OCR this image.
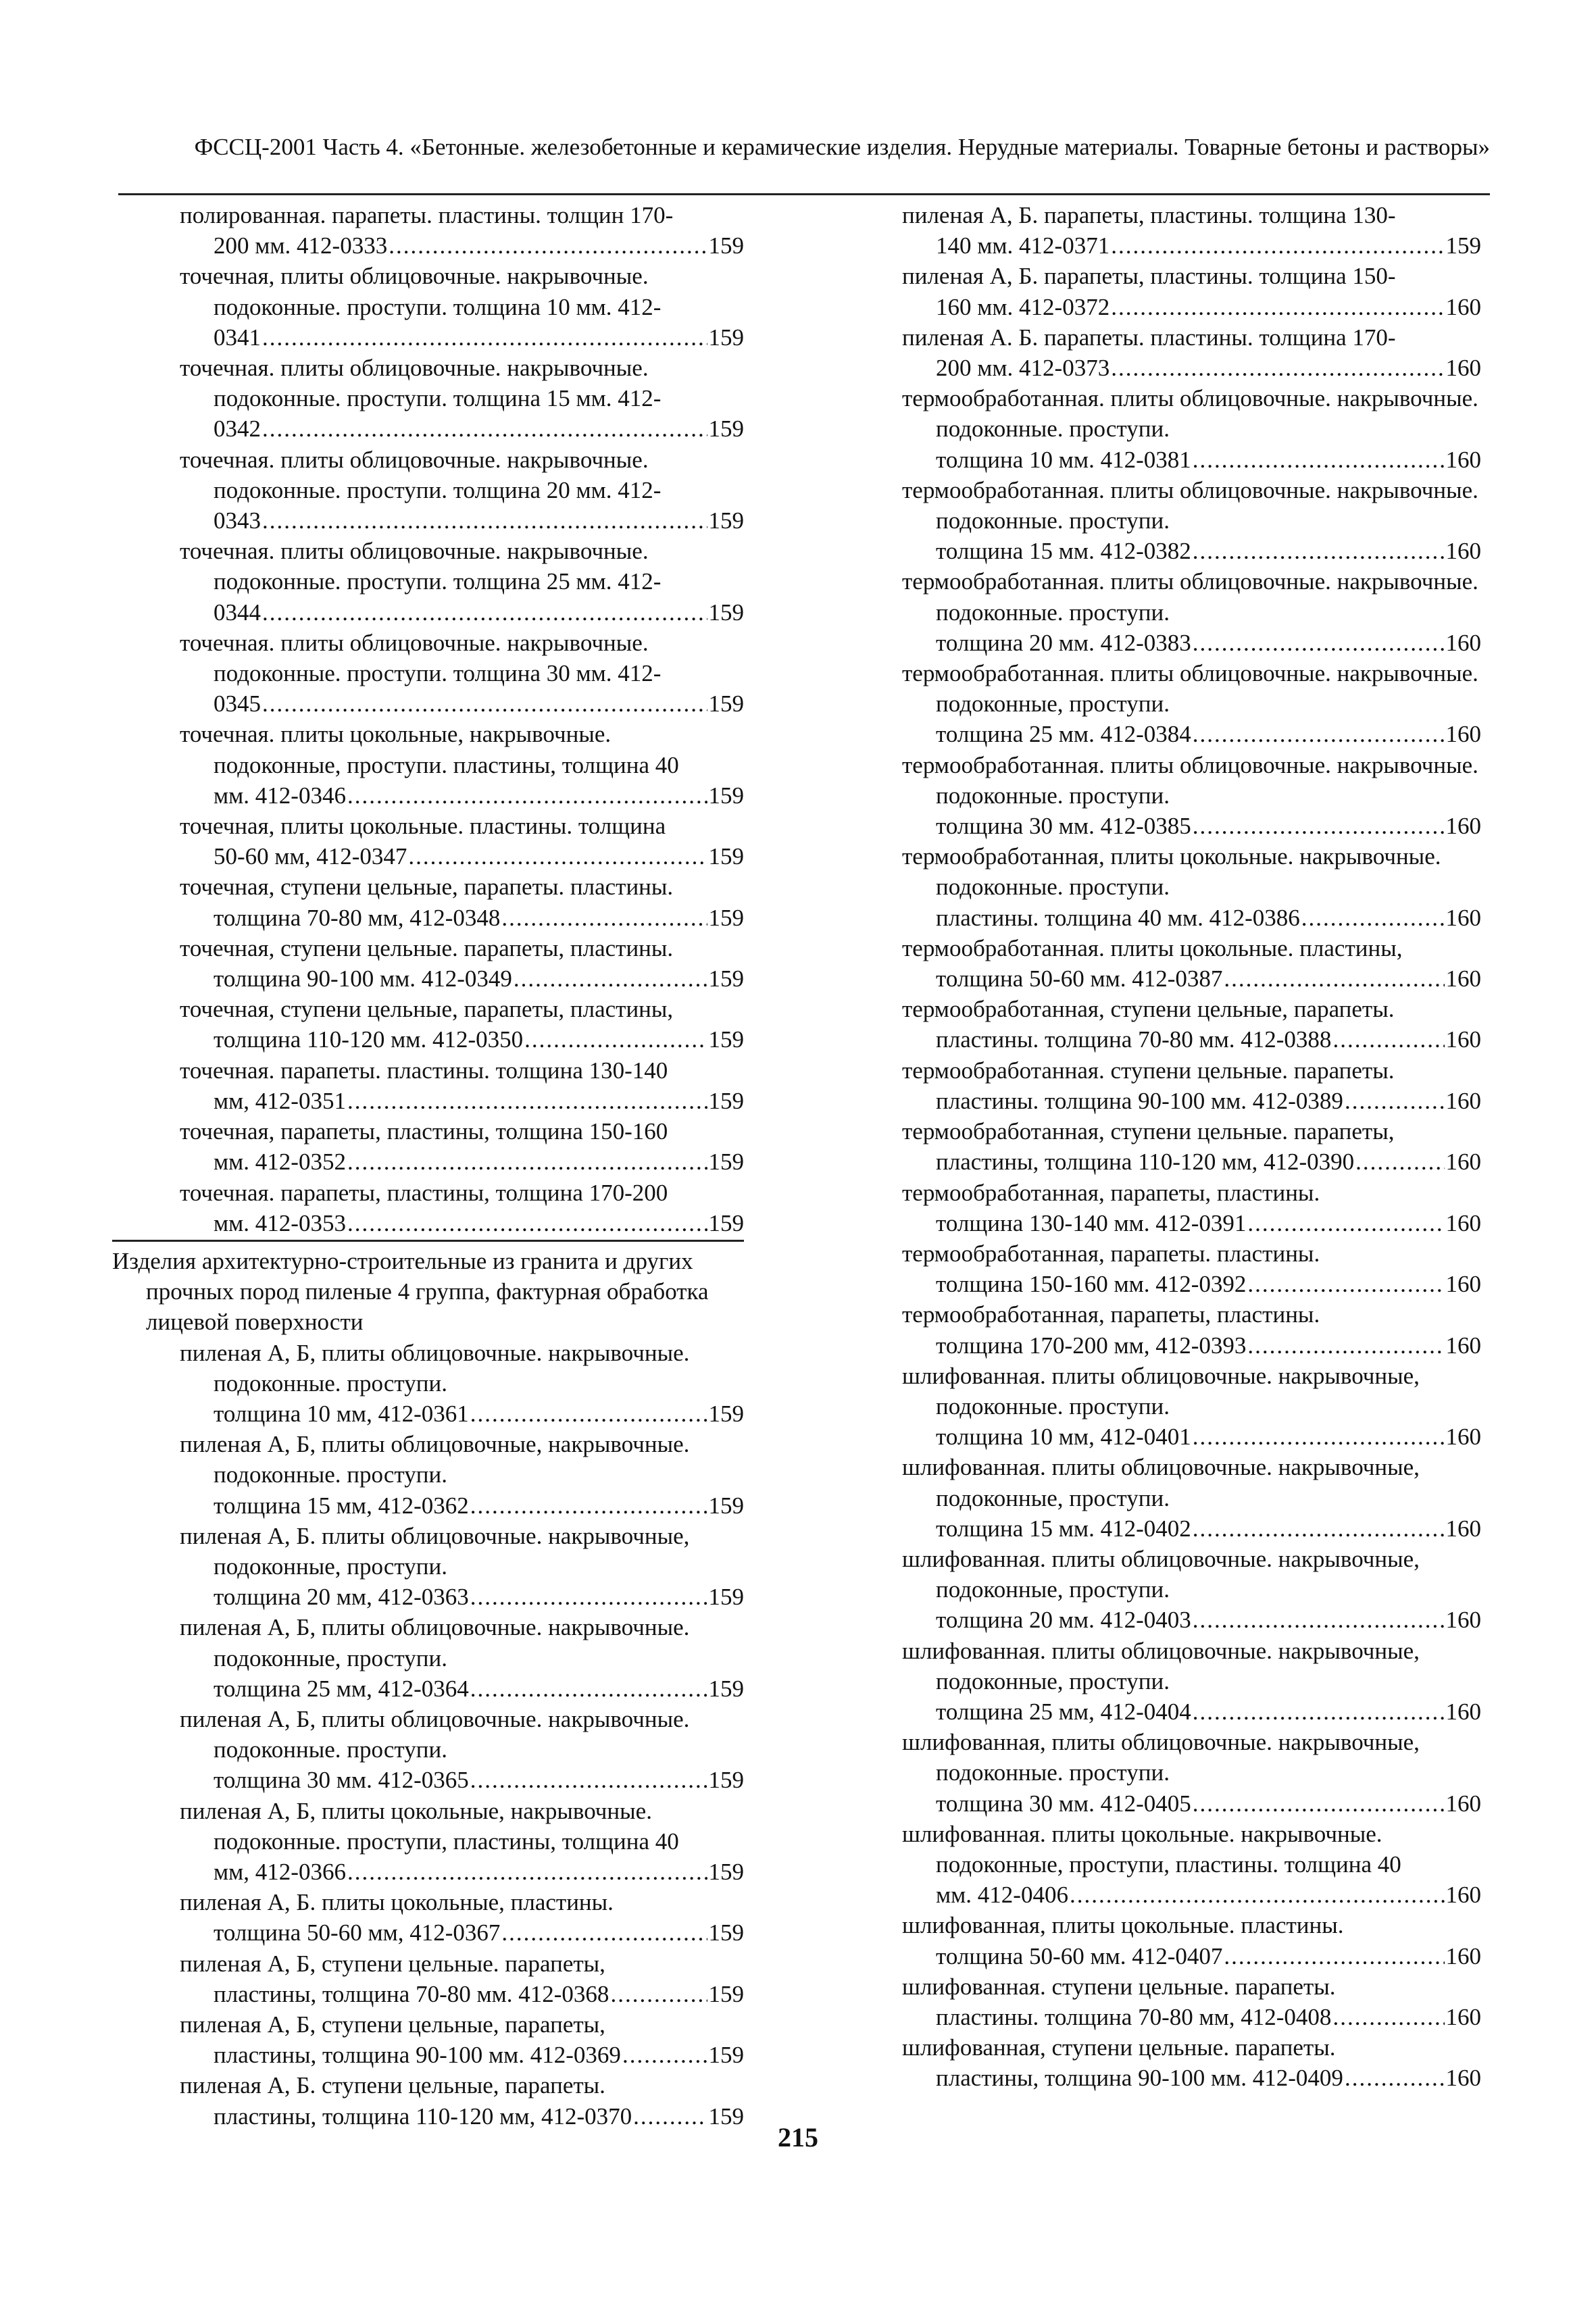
ФССЦ-2001 Часть 4. «Бетонные. железобетонные и керамические изделия. Нерудные материалы. Товарные бетоны и растворы»
полированная. парапеты. пластины. толщин 170-
200 мм. 412-0333 .....	159
точечная, плиты облицовочные. накрывочные. подоконные. проступи. толщина 10 мм. 412-
0341 .....	159
точечная. плиты облицовочные. накрывочные. подоконные. проступи. толщина 15 мм. 412-
0342 .....	159
точечная. плиты облицовочные. накрывочные. подоконные. проступи. толщина 20 мм. 412-
0343 .....	159
точечная. плиты облицовочные. накрывочные. подоконные. проступи. толщина 25 мм. 412-
0344 .....	159
точечная. плиты облицовочные. накрывочные. подоконные. проступи. толщина 30 мм. 412-
0345 .....	159
точечная. плиты цокольные, накрывочные. подоконные, проступи. пластины, толщина 40
мм. 412-0346 .....	159
точечная, плиты цокольные. пластины. толщина
50-60 мм, 412-0347 .....	159
точечная, ступени цельные, парапеты. пластины.
толщина 70-80 мм, 412-0348 .....	159
точечная, ступени цельные. парапеты, пластины.
толщина 90-100 мм. 412-0349 .....	159
точечная, ступени цельные, парапеты, пластины,
толщина 110-120 мм. 412-0350 .....	159
точечная. парапеты. пластины. толщина 130-140
мм, 412-0351 .....	159
точечная, парапеты, пластины, толщина 150-160
мм. 412-0352 .....	159
точечная. парапеты, пластины, толщина 170-200
мм. 412-0353 .....	159
Изделия архитектурно-строительные из гранита и других прочных пород пиленые 4 группа, фактурная обработка лицевой поверхности
пиленая А, Б, плиты облицовочные. накрывочные. подоконные. проступи.
толщина 10 мм, 412-0361 .....	159
пиленая А, Б, плиты облицовочные, накрывочные. подоконные. проступи.
толщина 15 мм, 412-0362 .....	159
пиленая А, Б. плиты облицовочные. накрывочные, подоконные, проступи.
толщина 20 мм, 412-0363 .....	159
пиленая А, Б, плиты облицовочные. накрывочные. подоконные, проступи.
толщина 25 мм, 412-0364 .....	159
пиленая А, Б, плиты облицовочные. накрывочные. подоконные. проступи.
толщина 30 мм. 412-0365 .....	159
пиленая А, Б, плиты цокольные, накрывочные. подоконные. проступи, пластины, толщина 40
мм, 412-0366 .....	159
пиленая А, Б. плиты цокольные, пластины.
толщина 50-60 мм, 412-0367 .....	159
пиленая А, Б, ступени цельные. парапеты,
пластины, толщина 70-80 мм. 412-0368 .....	159
пиленая А, Б, ступени цельные, парапеты,
пластины, толщина 90-100 мм. 412-0369 .....	159
пиленая А, Б. ступени цельные, парапеты.
пластины, толщина 110-120 мм, 412-0370 .....	159
пиленая А, Б. парапеты, пластины. толщина 130-
140 мм. 412-0371 .....	159
пиленая А, Б. парапеты, пластины. толщина 150-
160 мм. 412-0372 .....	160
пиленая А. Б. парапеты. пластины. толщина 170-
200 мм. 412-0373 .....	160
термообработанная. плиты облицовочные. накрывочные. подоконные. проступи.
толщина 10 мм. 412-0381 .....	160
термообработанная. плиты облицовочные. накрывочные. подоконные. проступи.
толщина 15 мм. 412-0382 .....	160
термообработанная. плиты облицовочные. накрывочные. подоконные. проступи.
толщина 20 мм. 412-0383 .....	160
термообработанная. плиты облицовочные. накрывочные. подоконные, проступи.
толщина 25 мм. 412-0384 .....	160
термообработанная. плиты облицовочные. накрывочные. подоконные. проступи.
толщина 30 мм. 412-0385 .....	160
термообработанная, плиты цокольные. накрывочные. подоконные. проступи.
пластины. толщина 40 мм. 412-0386 .....	160
термообработанная. плиты цокольные. пластины,
толщина 50-60 мм. 412-0387 .....	160
термообработанная, ступени цельные, парапеты.
пластины. толщина 70-80 мм. 412-0388 .....	160
термообработанная. ступени цельные. парапеты.
пластины. толщина 90-100 мм. 412-0389 .....	160
термообработанная, ступени цельные. парапеты,
пластины, толщина 110-120 мм, 412-0390 .....	160
термообработанная, парапеты, пластины.
толщина 130-140 мм. 412-0391 .....	160
термообработанная, парапеты. пластины.
толщина 150-160 мм. 412-0392 .....	160
термообработанная, парапеты, пластины.
толщина 170-200 мм, 412-0393 .....	160
шлифованная. плиты облицовочные. накрывочные, подоконные. проступи.
толщина 10 мм, 412-0401 .....	160
шлифованная. плиты облицовочные. накрывочные, подоконные, проступи.
толщина 15 мм. 412-0402 .....	160
шлифованная. плиты облицовочные. накрывочные, подоконные, проступи.
толщина 20 мм. 412-0403 .....	160
шлифованная. плиты облицовочные. накрывочные, подоконные, проступи.
толщина 25 мм, 412-0404 .....	160
шлифованная, плиты облицовочные. накрывочные, подоконные. проступи.
толщина 30 мм. 412-0405 .....	160
шлифованная. плиты цокольные. накрывочные. подоконные, проступи, пластины. толщина 40
мм. 412-0406 .....	160
шлифованная, плиты цокольные. пластины.
толщина 50-60 мм. 412-0407 .....	160
шлифованная. ступени цельные. парапеты.
пластины. толщина 70-80 мм, 412-0408 .....	160
шлифованная, ступени цельные. парапеты.
пластины, толщина 90-100 мм. 412-0409 .....	160
215
